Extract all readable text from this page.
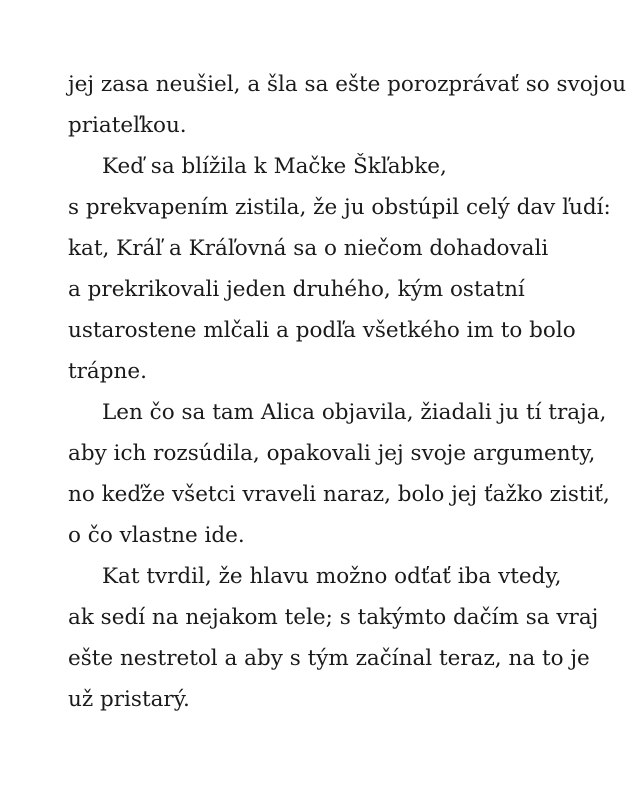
jej zasa neušiel, a šla sa ešte porozprávať so svojou
priateľkou.
Keď sa blížila k Mačke Škľabke,
s prekvapením zistila, že ju obstúpil celý dav ľudí:
kat, Kráľ a Kráľovná sa o niečom dohadovali
a prekrikovali jeden druhého, kým ostatní
ustarostene mlčali a podľa všetkého im to bolo
trápne.
Len čo sa tam Alica objavila, žiadali ju tí traja,
aby ich rozsúdila, opakovali jej svoje argumenty,
no keďže všetci vraveli naraz, bolo jej ťažko zistiť,
o čo vlastne ide.
Kat tvrdil, že hlavu možno odťať iba vtedy,
ak sedí na nejakom tele; s takýmto dačím sa vraj
ešte nestretol a aby s tým začínal teraz, na to je
už pristarý.
